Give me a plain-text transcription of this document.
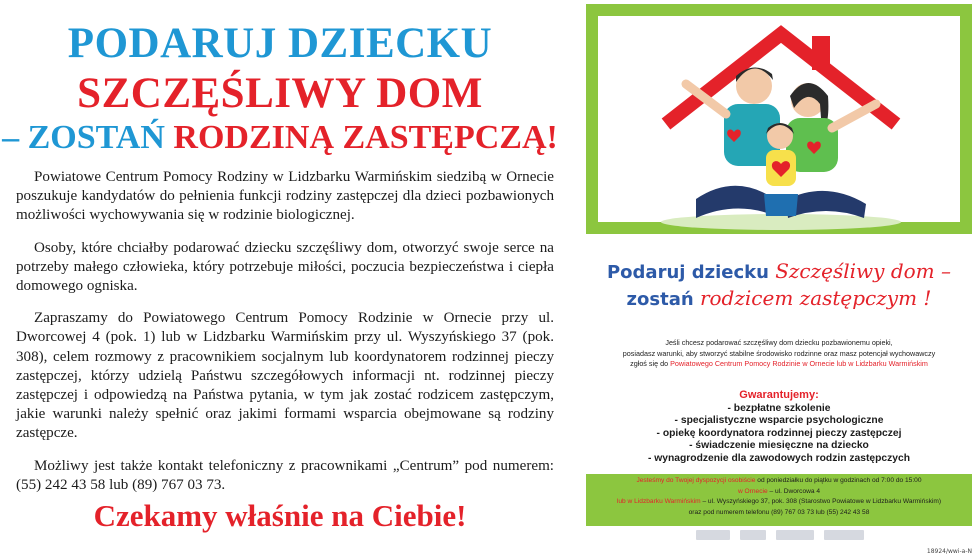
PODARUJ DZIECKU
SZCZĘŚLIWY DOM
– ZOSTAŃ RODZINĄ ZASTĘPCZĄ!

Powiatowe Centrum Pomocy Rodziny w Lidzbarku Warmińskim siedzibą w Ornecie poszukuje kandydatów do pełnienia funkcji rodziny zastępczej dla dzieci pozbawionych możliwości wychowywania się w rodzinie biologicznej.

Osoby, które chciałby podarować dziecku szczęśliwy dom, otworzyć swoje serce na potrzeby małego człowieka, który potrzebuje miłości, poczucia bezpieczeństwa i ciepła domowego ogniska.

Zapraszamy do Powiatowego Centrum Pomocy Rodzinie w Ornecie przy ul. Dworcowej 4 (pok. 1) lub w Lidzbarku Warmińskim przy ul. Wyszyńskiego 37 (pok. 308), celem rozmowy z pracownikiem socjalnym lub koordynatorem rodzinnej pieczy zastępczej, którzy udzielą Państwu szczegółowych informacji nt. rodzinnej pieczy zastępczej i odpowiedzą na Państwa pytania, w tym jak zostać rodzicem zastępczym, jakie warunki należy spełnić oraz jakimi formami wsparcia obejmowane są rodziny zastępcze.

Możliwy jest także kontakt telefoniczny z pracownikami „Centrum” pod numerem: (55) 242 43 58 lub (89) 767 03 73.

Czekamy właśnie na Ciebie!
Podaruj dziecku Szczęśliwy dom –
zostań rodzicem zastępczym !
Jeśli chcesz podarować szczęśliwy dom dziecku pozbawionemu opieki,
posiadasz warunki, aby stworzyć stabilne środowisko rodzinne oraz masz potencjał wychowawczy
zgłoś się do Powiatowego Centrum Pomocy Rodzinie w Ornecie lub w Lidzbarku Warmińskim
Gwarantujemy:
- bezpłatne szkolenie
- specjalistyczne wsparcie psychologiczne
- opiekę koordynatora rodzinnej pieczy zastępczej
- świadczenie miesięczne na dziecko
- wynagrodzenie dla zawodowych rodzin zastępczych
Jesteśmy do Twojej dyspozycji osobiście od poniedziałku do piątku w godzinach od 7:00 do 15:00
w Ornecie – ul. Dworcowa 4
lub w Lidzbarku Warmińskim – ul. Wyszyńskiego 37, pok. 308 (Starostwo Powiatowe w Lidzbarku Warmińskim)
oraz pod numerem telefonu (89) 767 03 73 lub (55) 242 43 58
18924/wwi-a-N
